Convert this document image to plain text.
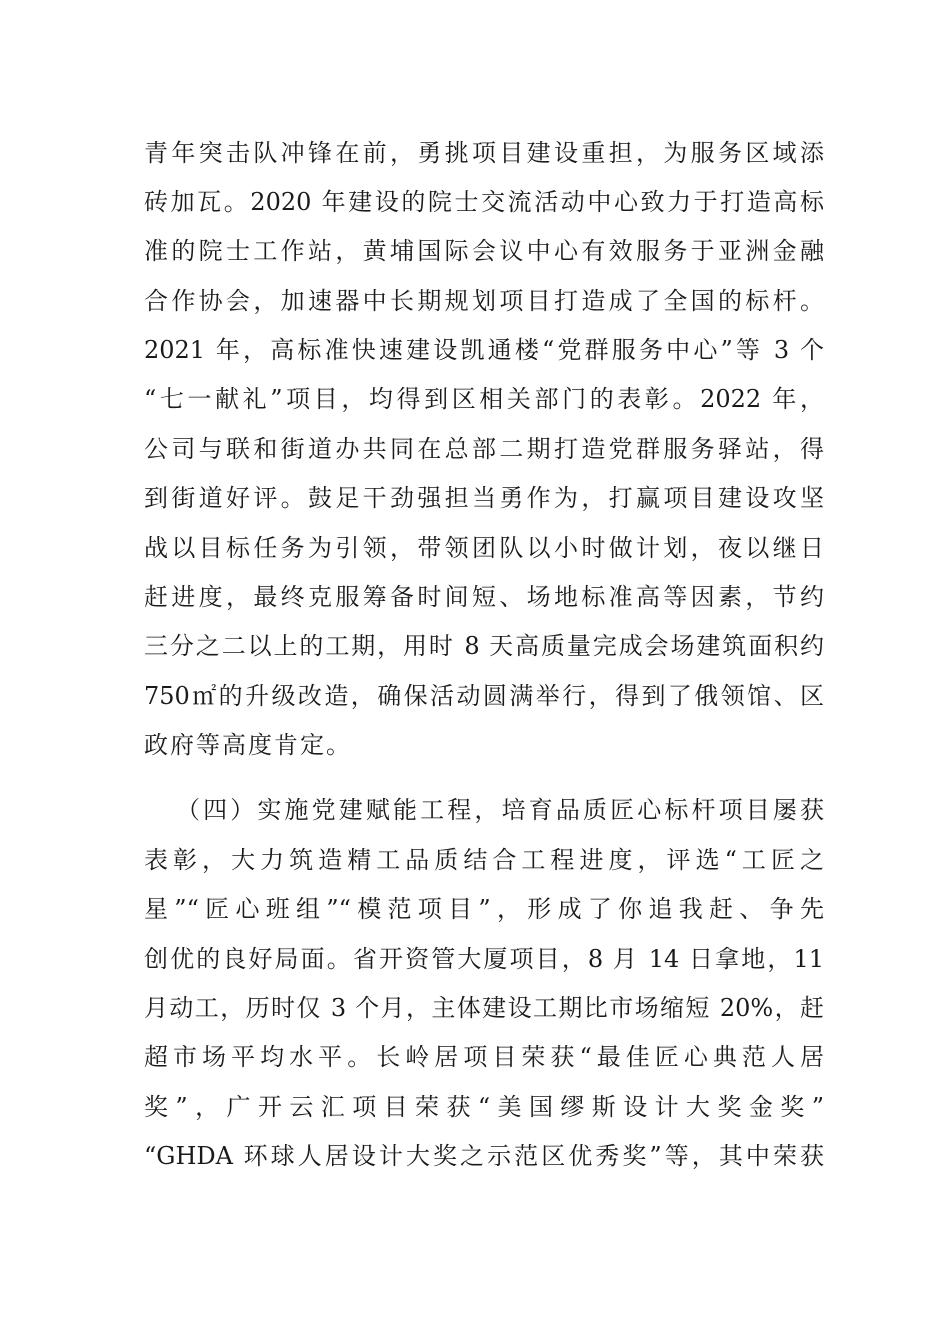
青年突击队冲锋在前，勇挑项目建设重担，为服务区域添
砖加瓦。2020 年建设的院士交流活动中心致力于打造高标
准的院士工作站，黄埔国际会议中心有效服务于亚洲金融
合作协会，加速器中长期规划项目打造成了全国的标杆。
2021 年，高标准快速建设凯通楼“党群服务中心”等 3 个
“七一献礼”项目，均得到区相关部门的表彰。2022 年，
公司与联和街道办共同在总部二期打造党群服务驿站，得
到街道好评。鼓足干劲强担当勇作为，打赢项目建设攻坚
战以目标任务为引领，带领团队以小时做计划，夜以继日
赶进度，最终克服筹备时间短、场地标准高等因素，节约
三分之二以上的工期，用时 8 天高质量完成会场建筑面积约
750㎡的升级改造，确保活动圆满举行，得到了俄领馆、区
政府等高度肯定。
（四）实施党建赋能工程，培育品质匠心标杆项目屡获
表彰，大力筑造精工品质结合工程进度，评选“工匠之
星”“匠心班组”“模范项目”，形成了你追我赶、争先
创优的良好局面。省开资管大厦项目，8 月 14 日拿地，11
月动工，历时仅 3 个月，主体建设工期比市场缩短 20%，赶
超市场平均水平。长岭居项目荣获“最佳匠心典范人居
奖”，广开云汇项目荣获“美国缪斯设计大奖金奖”
“GHDA 环球人居设计大奖之示范区优秀奖”等，其中荣获
